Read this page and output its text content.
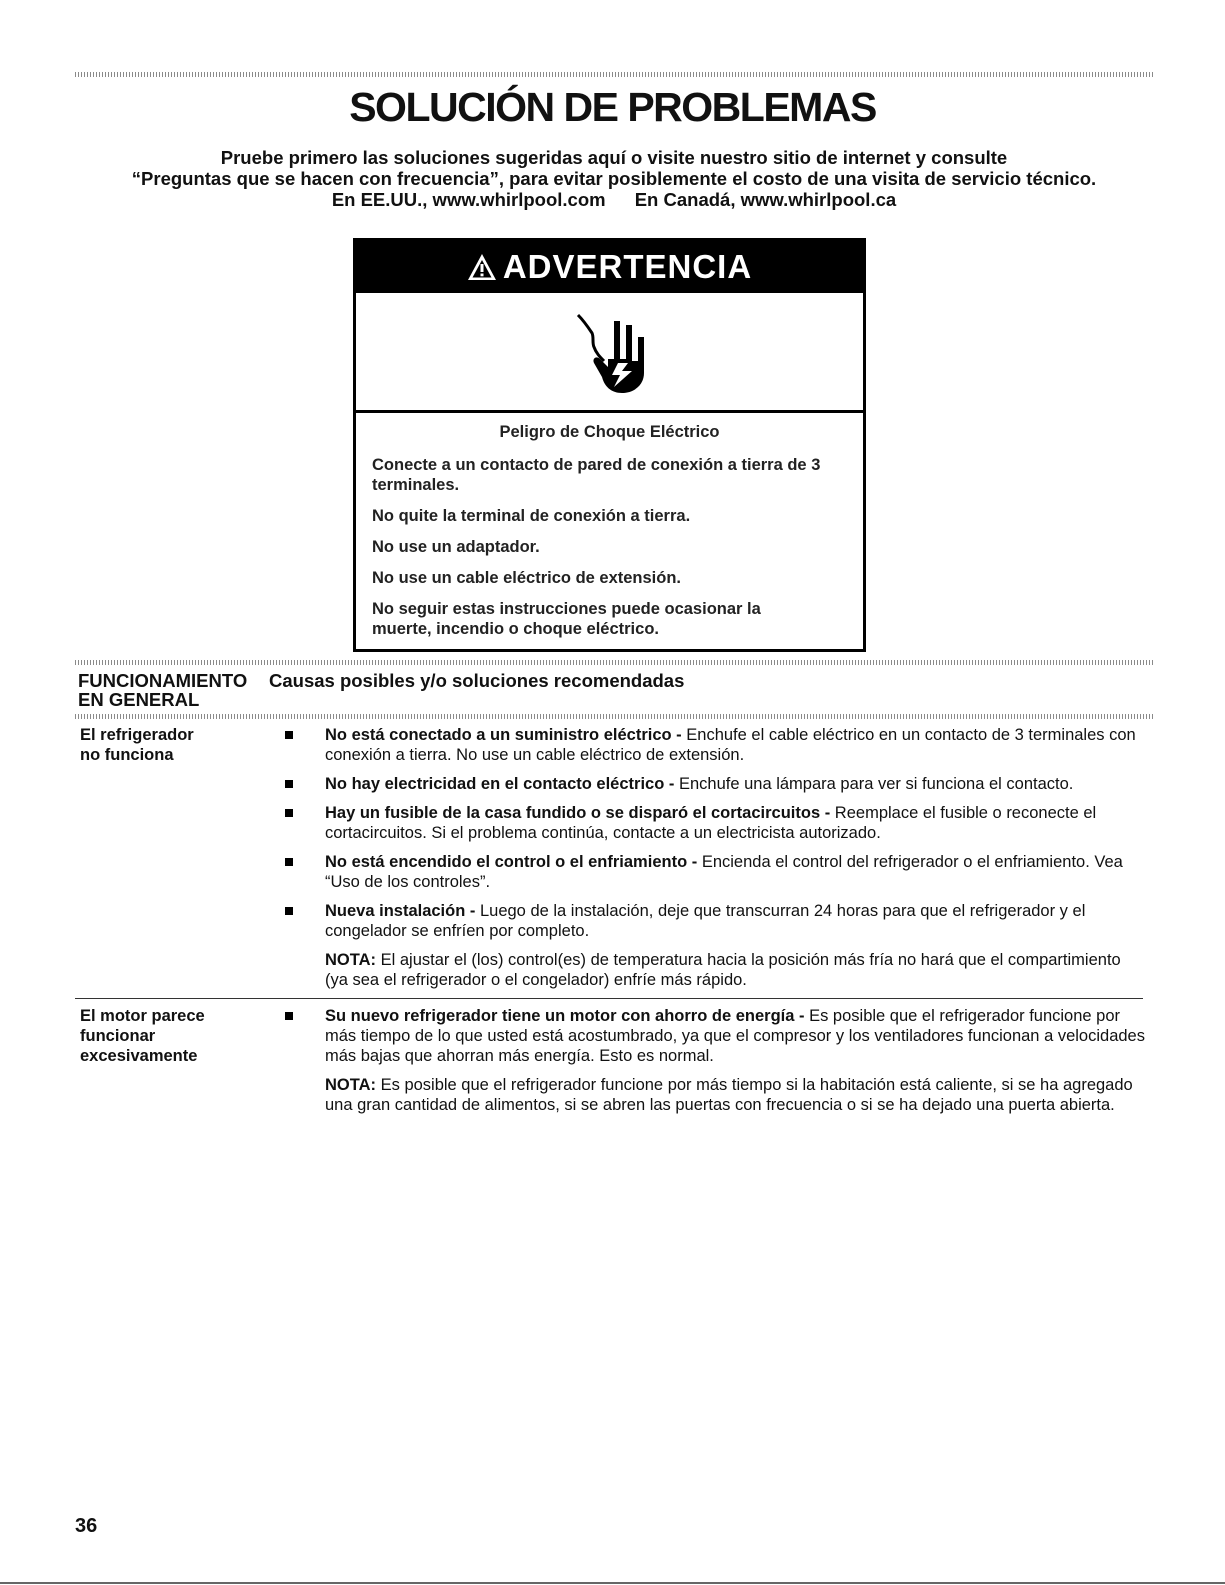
SOLUCIÓN DE PROBLEMAS
Pruebe primero las soluciones sugeridas aquí o visite nuestro sitio de internet y consulte
“Preguntas que se hacen con frecuencia”, para evitar posiblemente el costo de una visita de servicio técnico.
En EE.UU., www.whirlpool.com En Canadá, www.whirlpool.ca
ADVERTENCIA
Peligro de Choque Eléctrico

Conecte a un contacto de pared de conexión a tierra de 3 terminales.

No quite la terminal de conexión a tierra.

No use un adaptador.

No use un cable eléctrico de extensión.

No seguir estas instrucciones puede ocasionar la muerte, incendio o choque eléctrico.

FUNCIONAMIENTO
EN GENERAL
Causas posibles y/o soluciones recomendadas
El refrigerador
no funciona
No está conectado a un suministro eléctrico - Enchufe el cable eléctrico en un contacto de 3 terminales con conexión a tierra. No use un cable eléctrico de extensión.
No hay electricidad en el contacto eléctrico - Enchufe una lámpara para ver si funciona el contacto.
Hay un fusible de la casa fundido o se disparó el cortacircuitos - Reemplace el fusible o reconecte el cortacircuitos. Si el problema continúa, contacte a un electricista autorizado.
No está encendido el control o el enfriamiento - Encienda el control del refrigerador o el enfriamiento. Vea “Uso de los controles”.
Nueva instalación - Luego de la instalación, deje que transcurran 24 horas para que el refrigerador y el congelador se enfríen por completo.
NOTA: El ajustar el (los) control(es) de temperatura hacia la posición más fría no hará que el compartimiento (ya sea el refrigerador o el congelador) enfríe más rápido.
El motor parece
funcionar
excesivamente
Su nuevo refrigerador tiene un motor con ahorro de energía - Es posible que el refrigerador funcione por más tiempo de lo que usted está acostumbrado, ya que el compresor y los ventiladores funcionan a velocidades más bajas que ahorran más energía. Esto es normal.
NOTA: Es posible que el refrigerador funcione por más tiempo si la habitación está caliente, si se ha agregado una gran cantidad de alimentos, si se abren las puertas con frecuencia o si se ha dejado una puerta abierta.
36
